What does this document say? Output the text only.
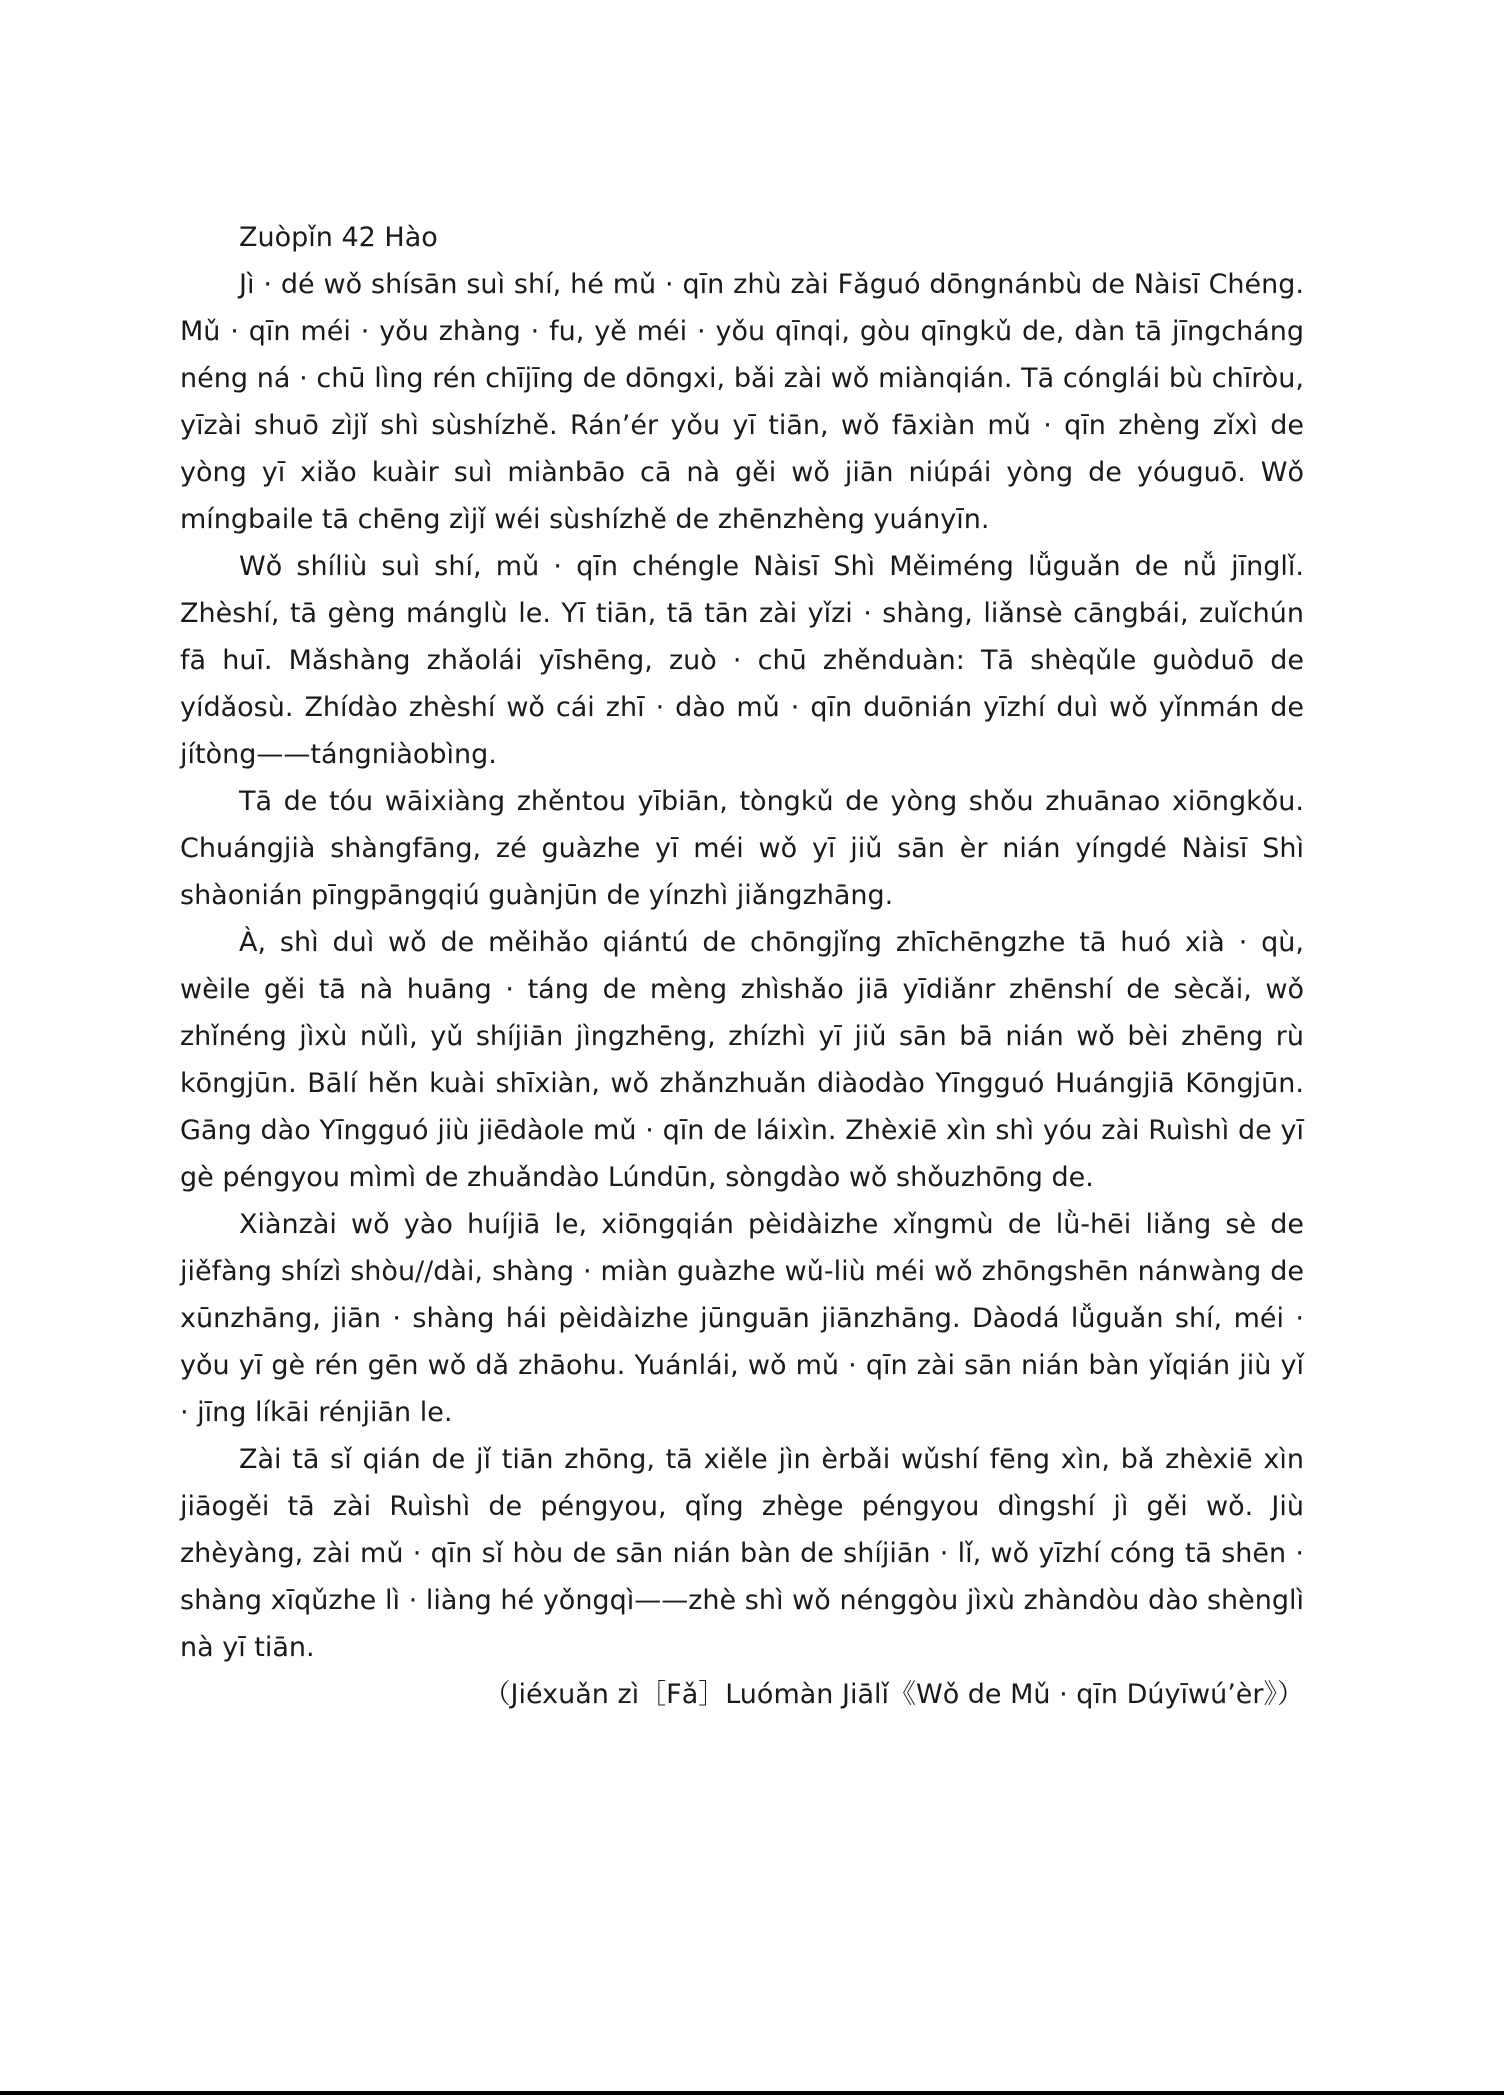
Zuòpǐn 42 Hào

Jì · dé wǒ shísān suì shí, hé mǔ · qīn zhù zài Fǎguó dōngnánbù de Nàisī Chéng. Mǔ · qīn méi · yǒu zhàng · fu, yě méi · yǒu qīnqi, gòu qīngkǔ de, dàn tā jīngcháng néng ná · chū lìng rén chījīng de dōngxi, bǎi zài wǒ miànqián. Tā cónglái bù chīròu, yīzài shuō zìjǐ shì sùshízhě. Rán’ér yǒu yī tiān, wǒ fāxiàn mǔ · qīn zhèng zǐxì de yòng yī xiǎo kuàir suì miànbāo cā nà gěi wǒ jiān niúpái yòng de yóuguō. Wǒ míngbaile tā chēng zìjǐ wéi sùshízhě de zhēnzhèng yuányīn.

Wǒ shíliù suì shí, mǔ · qīn chéngle Nàisī Shì Měiméng lǚguǎn de nǚ jīnglǐ. Zhèshí, tā gèng mánglù le. Yī tiān, tā tān zài yǐzi · shàng, liǎnsè cāngbái, zuǐchún fā huī. Mǎshàng zhǎolái yīshēng, zuò · chū zhěnduàn: Tā shèqǔle guòduō de yídǎosù. Zhídào zhèshí wǒ cái zhī · dào mǔ · qīn duōnián yīzhí duì wǒ yǐnmán de jítòng——tángniàobìng.

Tā de tóu wāixiàng zhěntou yībiān, tòngkǔ de yòng shǒu zhuānao xiōngkǒu. Chuángjià shàngfāng, zé guàzhe yī méi wǒ yī jiǔ sān èr nián yíngdé Nàisī Shì shàonián pīngpāngqiú guànjūn de yínzhì jiǎngzhāng.

À, shì duì wǒ de měihǎo qiántú de chōngjǐng zhīchēngzhe tā huó xià · qù, wèile gěi tā nà huāng · táng de mèng zhìshǎo jiā yīdiǎnr zhēnshí de sècǎi, wǒ zhǐnéng jìxù nǔlì, yǔ shíjiān jìngzhēng, zhízhì yī jiǔ sān bā nián wǒ bèi zhēng rù kōngjūn. Bālí hěn kuài shīxiàn, wǒ zhǎnzhuǎn diàodào Yīngguó Huángjiā Kōngjūn. Gāng dào Yīngguó jiù jiēdàole mǔ · qīn de láixìn. Zhèxiē xìn shì yóu zài Ruìshì de yī gè péngyou mìmì de zhuǎndào Lúndūn, sòngdào wǒ shǒuzhōng de.

Xiànzài wǒ yào huíjiā le, xiōngqián pèidàizhe xǐngmù de lǜ-hēi liǎng sè de jiěfàng shízì shòu//dài, shàng · miàn guàzhe wǔ-liù méi wǒ zhōngshēn nánwàng de xūnzhāng, jiān · shàng hái pèidàizhe jūnguān jiānzhāng. Dàodá lǚguǎn shí, méi · yǒu yī gè rén gēn wǒ dǎ zhāohu. Yuánlái, wǒ mǔ · qīn zài sān nián bàn yǐqián jiù yǐ · jīng líkāi rénjiān le.

Zài tā sǐ qián de jǐ tiān zhōng, tā xiěle jìn èrbǎi wǔshí fēng xìn, bǎ zhèxiē xìn jiāogěi tā zài Ruìshì de péngyou, qǐng zhège péngyou dìngshí jì gěi wǒ. Jiù zhèyàng, zài mǔ · qīn sǐ hòu de sān nián bàn de shíjiān · lǐ, wǒ yīzhí cóng tā shēn · shàng xīqǔzhe lì · liàng hé yǒngqì——zhè shì wǒ nénggòu jìxù zhàndòu dào shènglì nà yī tiān.

（Jiéxuǎn zì［Fǎ］Luómàn Jiālǐ《Wǒ de Mǔ · qīn Dúyīwú’èr》）
